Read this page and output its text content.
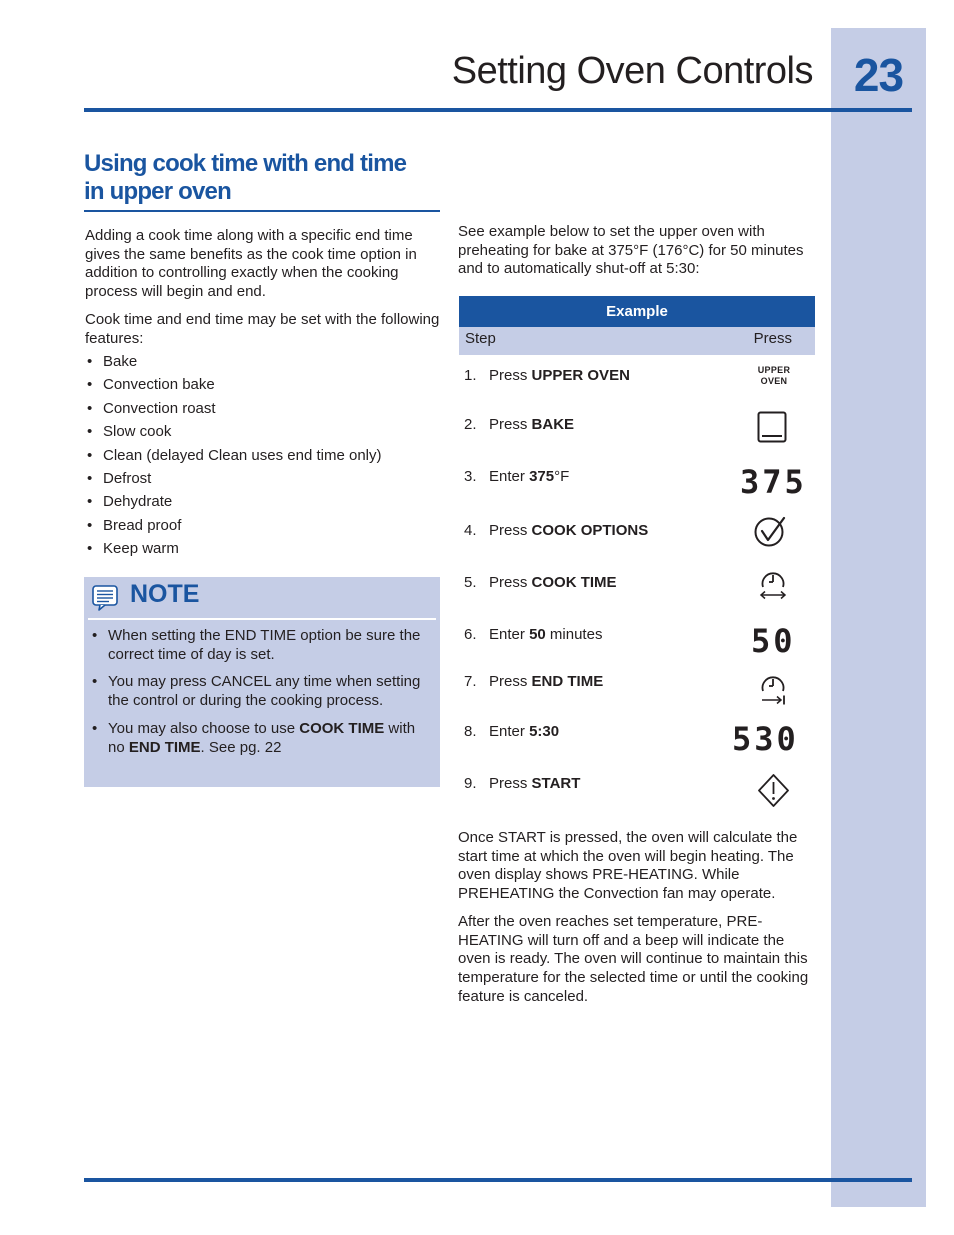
23
Setting Oven Controls
Using cook time with end time
in upper oven

Adding a cook time along with a specific end time gives the same benefits as the cook time option in addition to controlling exactly when the cooking process will begin and end.

Cook time and end time may be set with the following features:

• Bake
• Convection bake
• Convection roast
• Slow cook
• Clean (delayed Clean uses end time only)
• Defrost
• Dehydrate
• Bread proof
• Keep warm
NOTE
• When setting the END TIME option be sure the correct time of day is set.
• You may press CANCEL any time when setting the control or during the cooking process.
• You may also choose to use COOK TIME with no END TIME. See pg. 22

See example below to set the upper oven with preheating for bake at 375°F (176°C) for 50 minutes and to automatically shut-off at 5:30:

Example
Step	Press
1. Press UPPER OVEN
2. Press BAKE
3. Enter 375°F
4. Press COOK OPTIONS
5. Press COOK TIME
6. Enter 50 minutes
7. Press END TIME
8. Enter 5:30
9. Press START
UPPER
OVEN
375
50
530

Once START is pressed, the oven will calculate the start time at which the oven will begin heating. The oven display shows PRE-HEATING. While PREHEATING the Convection fan may operate.

After the oven reaches set temperature, PRE-HEATING will turn off and a beep will indicate the oven is ready. The oven will continue to maintain this temperature for the selected time or until the cooking feature is canceled.
